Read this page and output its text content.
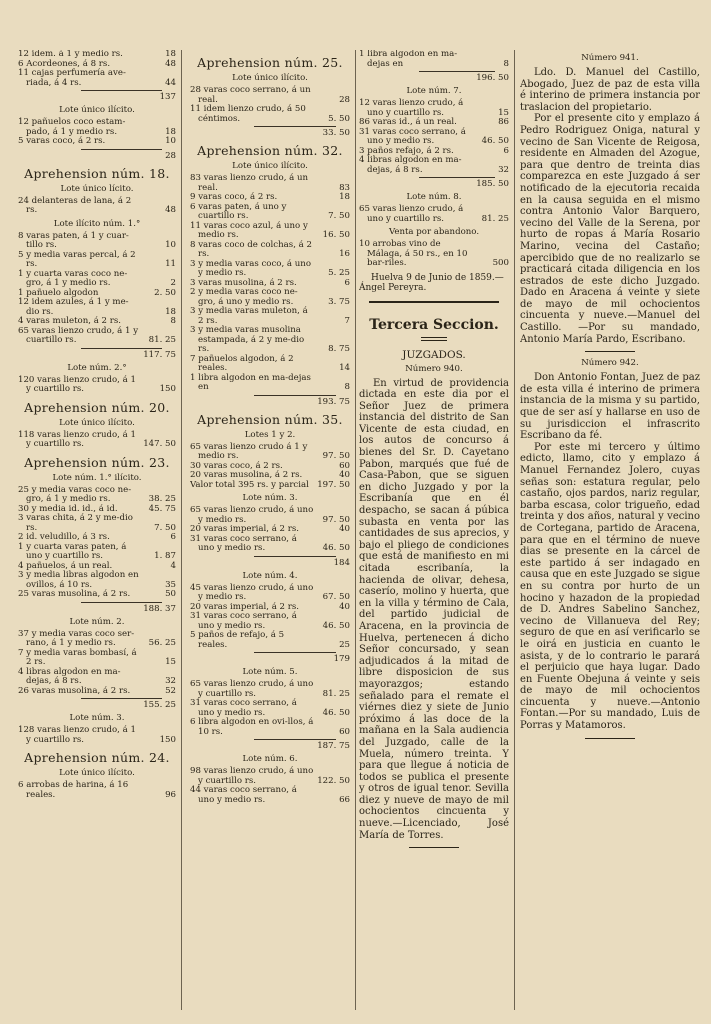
12 idem. á 1 y medio rs.	18
6 Acordeones, á 8 rs.	48
11 cajas perfumería ave-riada, á 4 rs.	44
137
Lote único ilícito.
12 pañuelos coco estam-pado, á 1 y medio rs.	18
5 varas coco, á 2 rs.	10
28
Aprehension núm. 18.
Lote único lícito.
24 delanteras de lana, á 2 rs.	48
Lote ilícito núm. 1.°
8 varas paten, á 1 y cuar-tillo rs.	10
5 y media varas percal, á 2 rs.	11
1 y cuarta varas coco ne-gro, á 1 y medio rs.	2
1 pañuelo algodon	2. 50
12 idem azules, á 1 y me-dio rs.	18
4 varas muleton, á 2 rs.	8
65 varas lienzo crudo, á 1 y cuartillo rs.	81. 25
117. 75
Lote núm. 2.°
120 varas lienzo crudo, á 1 y cuartillo rs.	150
Aprehension núm. 20.
Lote único ilícito.
118 varas lienzo crudo, á 1 y cuartillo rs.	147. 50
Aprehension núm. 23.
Lote núm. 1.° ilícito.
25 y media varas coco ne-gro, á 1 y medio rs.	38. 25
30 y media id. id., á id.	45. 75
3 varas chita, á 2 y me-dio rs.	7. 50
2 id. veludillo, á 3 rs.	6
1 y cuarta varas paten, á uno y cuartillo rs.	1. 87
4 pañuelos, á un real.	4
3 y media libras algodon en ovillos, á 10 rs.	35
25 varas musolina, á 2 rs.	50
188. 37
Lote núm. 2.
37 y media varas coco ser-rano, á 1 y medio rs.	56. 25
7 y media varas bombasí, á 2 rs.	15
4 libras algodon en ma-dejas, á 8 rs.	32
26 varas musolina, á 2 rs.	52
155. 25
Lote núm. 3.
128 varas lienzo crudo, á 1 y cuartillo rs.	150
Aprehension núm. 24.
Lote único ilícito.
6 arrobas de harina, á 16 reales.	96
Aprehension núm. 25.
Lote único ilícito.
28 varas coco serrano, á un real.	28
11 idem lienzo crudo, á 50 céntimos.	5. 50
33. 50
Aprehension núm. 32.
Lote único ilícito.
83 varas lienzo crudo, á un real.	83
9 varas coco, á 2 rs.	18
6 varas paten, á uno y cuartillo rs.	7. 50
11 varas coco azul, á uno y medio rs.	16. 50
8 varas coco de colchas, á 2 rs.	16
3 y media varas coco, á uno y medio rs.	5. 25
3 varas musolina, á 2 rs.	6
2 y media varas coco ne-gro, á uno y medio rs.	3. 75
3 y media varas muleton, á 2 rs.	7
3 y media varas musolina estampada, á 2 y me-dio rs.	8. 75
7 pañuelos algodon, á 2 reales.	14
1 libra algodon en ma-dejas en	8
193. 75
Aprehension núm. 35.
Lotes 1 y 2.
65 varas lienzo crudo á 1 y medio rs.	97. 50
30 varas coco, á 2 rs.	60
20 varas musolina, á 2 rs.	40
Valor total 395 rs. y parcial 197. 50
Lote núm. 3.
65 varas lienzo crudo, á uno y medio rs.	97. 50
20 varas imperial, á 2 rs.	40
31 varas coco serrano, á uno y medio rs.	46. 50
184
Lote núm. 4.
45 varas lienzo crudo, á uno y medio rs.	67. 50
20 varas imperial, á 2 rs.	40
31 varas coco serrano, á uno y medio rs.	46. 50
5 paños de refajo, á 5 reales.	25
179
Lote núm. 5.
65 varas lienzo crudo, á uno y cuartillo rs.	81. 25
31 varas coco serrano, á uno y medio rs.	46. 50
6 libra algodon en ovi-llos, á 10 rs.	60
187. 75
Lote núm. 6.
98 varas lienzo crudo, á uno y cuartillo rs.	122. 50
44 varas coco serrano, á uno y medio rs.	66
1 libra algodon en ma-dejas en	8
196. 50
Lote núm. 7.
12 varas lienzo crudo, á uno y cuartillo rs.	15
86 varas id., á un real.	86
31 varas coco serrano, á uno y medio rs.	46. 50
3 paños refajo, á 2 rs.	6
4 libras algodon en ma-dejas, á 8 rs.	32
185. 50
Lote núm. 8.
65 varas lienzo crudo, á uno y cuartillo rs.	81. 25
Venta por abandono.
10 arrobas vino de Málaga, á 50 rs., en 10 bar-riles.	500
Huelva 9 de Junio de 1859.—Ángel Pereyra.
Tercera Seccion.
JUZGADOS.
Número 940.

En virtud de providencia dictada en este dia por el Señor Juez de primera instancia del distrito de San Vicente de esta ciudad, en los autos de concurso á bienes del Sr. D. Cayetano Pabon, marqués que fué de Casa-Pabon, que se siguen en dicho Juzgado y por la Escribanía que en él despacho, se sacan á púbica subasta en venta por las cantidades de sus aprecios, y bajo el pliego de condiciones que está de manifiesto en mi citada escribanía, la hacienda de olivar, dehesa, caserío, molino y huerta, que en la villa y término de Cala, del partido judicial de Aracena, en la provincia de Huelva, pertenecen á dicho Señor concursado, y sean adjudicados á la mitad de libre disposicion de sus mayorazgos; estando señalado para el remate el viérnes diez y siete de Junio próximo á las doce de la mañana en la Sala audiencia del Juzgado, calle de la Muela, número treinta. Y para que llegue á noticia de todos se publica el presente y otros de igual tenor. Sevilla diez y nueve de mayo de mil ochocientos cincuenta y nueve.—Licenciado, José María de Torres.

Número 941.

Ldo. D. Manuel del Castillo, Abogado, Juez de paz de esta villa é interino de primera instancia por traslacion del propietario.

Por el presente cito y emplazo á Pedro Rodriguez Oniga, natural y vecino de San Vicente de Reigosa, residente en Almaden del Azogue, para que dentro de treinta dias comparezca en este Juzgado á ser notificado de la ejecutoria recaida en la causa seguida en el mismo contra Antonio Valor Barquero, vecino del Valle de la Serena, por hurto de ropas á María Rosario Marino, vecina del Castaño; apercibido que de no realizarlo se practicará citada diligencia en los estrados de este dicho Juzgado. Dado en Aracena á veinte y siete de mayo de mil ochocientos cincuenta y nueve.—Manuel del Castillo. —Por su mandado, Antonio María Pardo, Escribano.

Número 942.

Don Antonio Fontan, Juez de paz de esta villa é interino de primera instancia de la misma y su partido, que de ser así y hallarse en uso de su jurisdiccion el infrascrito Escribano da fé.

Por este mi tercero y último edicto, llamo, cito y emplazo á Manuel Fernandez Jolero, cuyas señas son: estatura regular, pelo castaño, ojos pardos, nariz regular, barba escasa, color trigueño, edad treinta y dos años, natural y vecino de Cortegana, partido de Aracena, para que en el término de nueve dias se presente en la cárcel de este partido á ser indagado en causa que en este Juzgado se sigue en su contra por hurto de un hocino y hazadon de la propiedad de D. Andres Sabelino Sanchez, vecino de Villanueva del Rey; seguro de que en así verificarlo se le oirá en justicia en cuanto le asista, y de lo contrario le parará el perjuicio que haya lugar. Dado en Fuente Obejuna á veinte y seis de mayo de mil ochocientos cincuenta y nueve.—Antonio Fontan.—Por su mandado, Luis de Porras y Matamoros.
